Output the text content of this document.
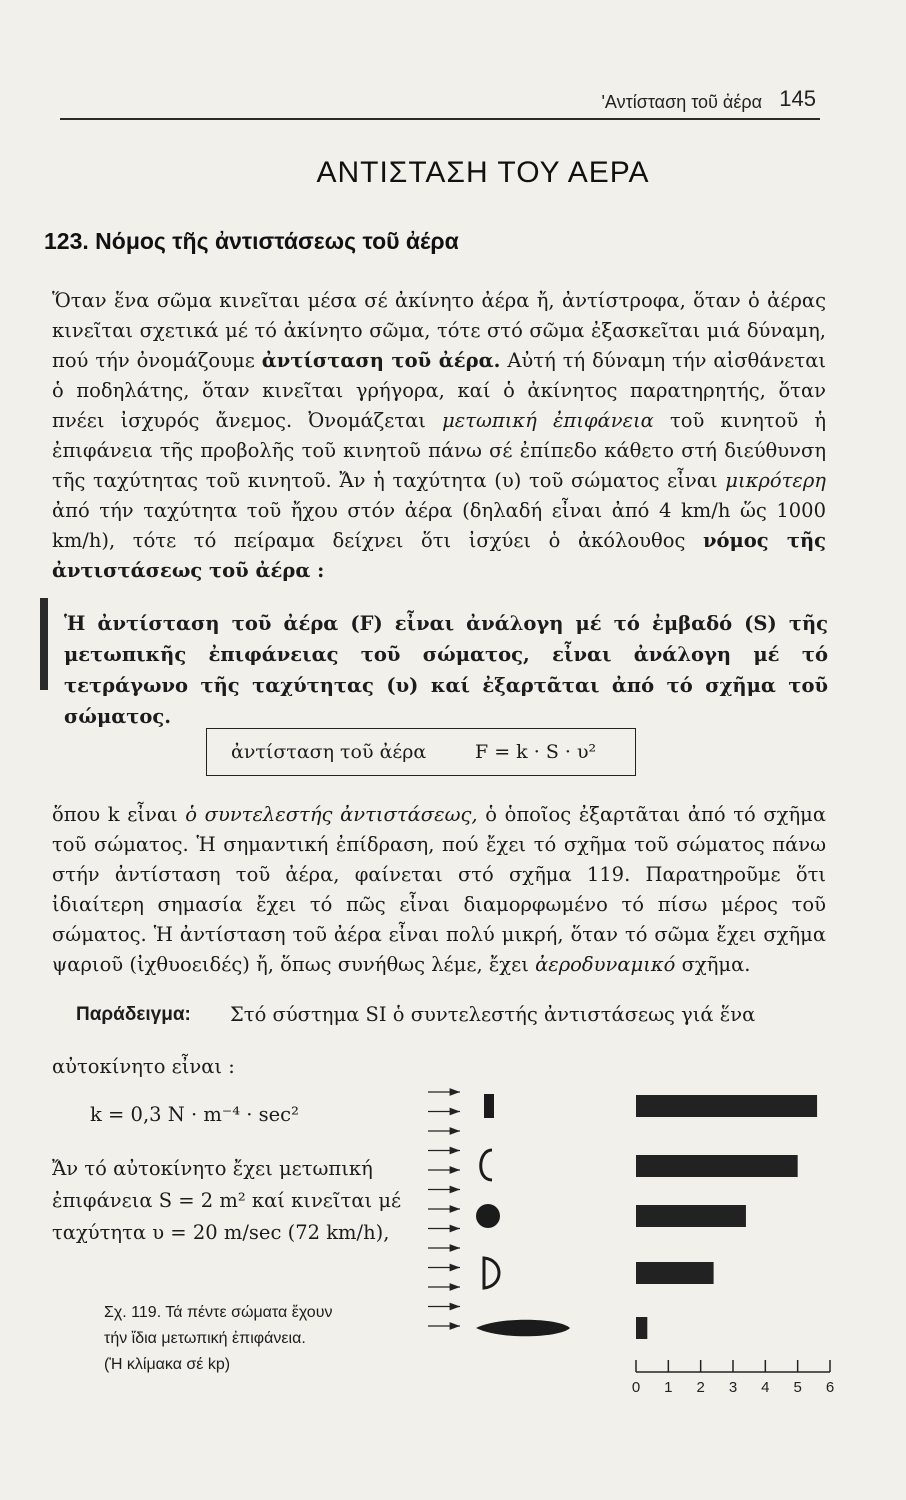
'Αντίσταση τοῦ ἀέρα 145

ΑΝΤΙΣΤΑΣΗ ΤΟΥ ΑΕΡΑ
123. Νόμος τῆς ἀντιστάσεως τοῦ ἀέρα
Ὅταν ἕνα σῶμα κινεῖται μέσα σέ ἀκίνητο ἀέρα ἤ, ἀντίστροφα, ὅταν ὁ ἀέρας κινεῖται σχετικά μέ τό ἀκίνητο σῶμα, τότε στό σῶμα ἐξασκεῖται μιά δύναμη, πού τήν ὀνομάζουμε ἀντίσταση τοῦ ἀέρα. Αὐτή τή δύναμη τήν αἰσθάνεται ὁ ποδηλάτης, ὅταν κινεῖται γρήγορα, καί ὁ ἀκίνητος παρατηρητής, ὅταν πνέει ἰσχυρός ἄνεμος. Ὀνομάζεται μετωπική ἐπιφάνεια τοῦ κινητοῦ ἡ ἐπιφάνεια τῆς προβολῆς τοῦ κινητοῦ πάνω σέ ἐπίπεδο κάθετο στή διεύθυνση τῆς ταχύτητας τοῦ κινητοῦ. Ἄν ἡ ταχύτητα (υ) τοῦ σώματος εἶναι μικρότερη ἀπό τήν ταχύτητα τοῦ ἤχου στόν ἀέρα (δηλαδή εἶναι ἀπό 4 km/h ὥς 1000 km/h), τότε τό πείραμα δείχνει ὅτι ἰσχύει ὁ ἀκόλουθος νόμος τῆς ἀντιστάσεως τοῦ ἀέρα :
Ἡ ἀντίσταση τοῦ ἀέρα (F) εἶναι ἀνάλογη μέ τό ἐμβαδό (S) τῆς μετωπικῆς ἐπιφάνειας τοῦ σώματος, εἶναι ἀνάλογη μέ τό τετράγωνο τῆς ταχύτητας (υ) καί ἐξαρτᾶται ἀπό τό σχῆμα τοῦ σώματος.
ἀντίσταση τοῦ ἀέρα	F = k · S · υ²
ὅπου k εἶναι ὁ συντελεστής ἀντιστάσεως, ὁ ὁποῖος ἐξαρτᾶται ἀπό τό σχῆμα τοῦ σώματος. Ἡ σημαντική ἐπίδραση, πού ἔχει τό σχῆμα τοῦ σώματος πάνω στήν ἀντίσταση τοῦ ἀέρα, φαίνεται στό σχῆμα 119. Παρατηροῦμε ὅτι ἰδιαίτερη σημασία ἔχει τό πῶς εἶναι διαμορφωμένο τό πίσω μέρος τοῦ σώματος. Ἡ ἀντίσταση τοῦ ἀέρα εἶναι πολύ μικρή, ὅταν τό σῶμα ἔχει σχῆμα ψαριοῦ (ἰχθυοειδές) ἤ, ὅπως συνήθως λέμε, ἔχει ἀεροδυναμικό σχῆμα.
Παράδειγμα: Στό σύστημα SI ὁ συντελεστής ἀντιστάσεως γιά ἕνα
αὐτοκίνητο εἶναι :
k = 0,3 N · m⁻⁴ · sec²
Ἄν τό αὐτοκίνητο ἔχει μετωπική
ἐπιφάνεια S = 2 m² καί κινεῖται μέ
ταχύτητα υ = 20 m/sec (72 km/h),
Σχ. 119. Τά πέντε σώματα ἔχουν
τήν ἴδια μετωπική ἐπιφάνεια.
(Ἡ κλίμακα σέ kp)
0 1 2 3 4 5 6
